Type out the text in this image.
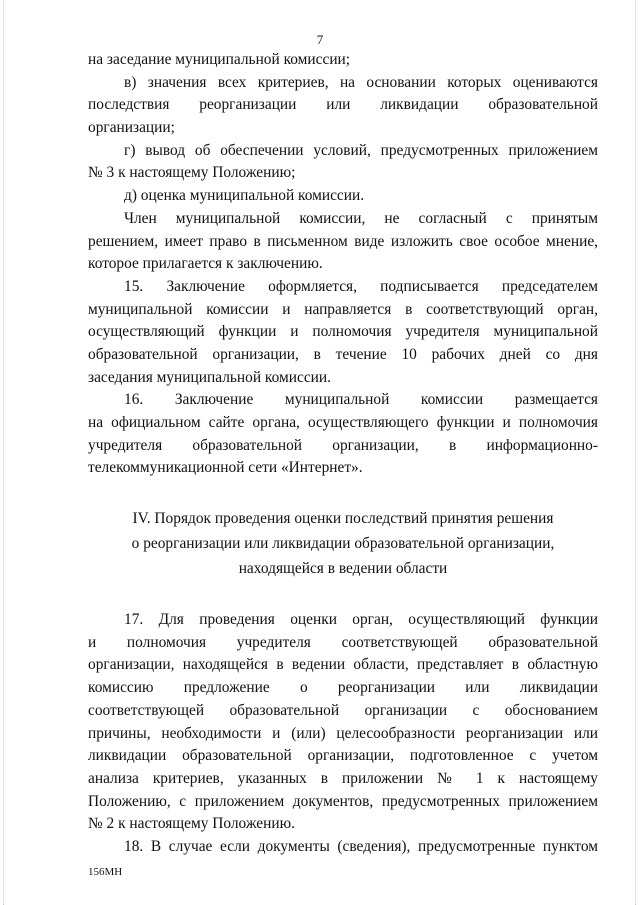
7
на заседание муниципальной комиссии;
в) значения всех критериев, на основании которых оцениваются
последствия реорганизации или ликвидации образовательной
организации;
г) вывод об обеспечении условий, предусмотренных приложением
№ 3 к настоящему Положению;
д) оценка муниципальной комиссии.
Член муниципальной комиссии, не согласный с принятым
решением, имеет право в письменном виде изложить свое особое мнение,
которое прилагается к заключению.
15. Заключение оформляется, подписывается председателем
муниципальной комиссии и направляется в соответствующий орган,
осуществляющий функции и полномочия учредителя муниципальной
образовательной организации, в течение 10 рабочих дней со дня
заседания муниципальной комиссии.
16. Заключение муниципальной комиссии размещается
на официальном сайте органа, осуществляющего функции и полномочия
учредителя образовательной организации, в информационно-
телекоммуникационной сети «Интернет».
IV. Порядок проведения оценки последствий принятия решения
о реорганизации или ликвидации образовательной организации,
находящейся в ведении области
17. Для проведения оценки орган, осуществляющий функции
и полномочия учредителя соответствующей образовательной
организации, находящейся в ведении области, представляет в областную
комиссию предложение о реорганизации или ликвидации
соответствующей образовательной организации с обоснованием
причины, необходимости и (или) целесообразности реорганизации или
ликвидации образовательной организации, подготовленное с учетом
анализа критериев, указанных в приложении № 1 к настоящему
Положению, с приложением документов, предусмотренных приложением
№ 2 к настоящему Положению.
18. В случае если документы (сведения), предусмотренные пунктом
156МН
